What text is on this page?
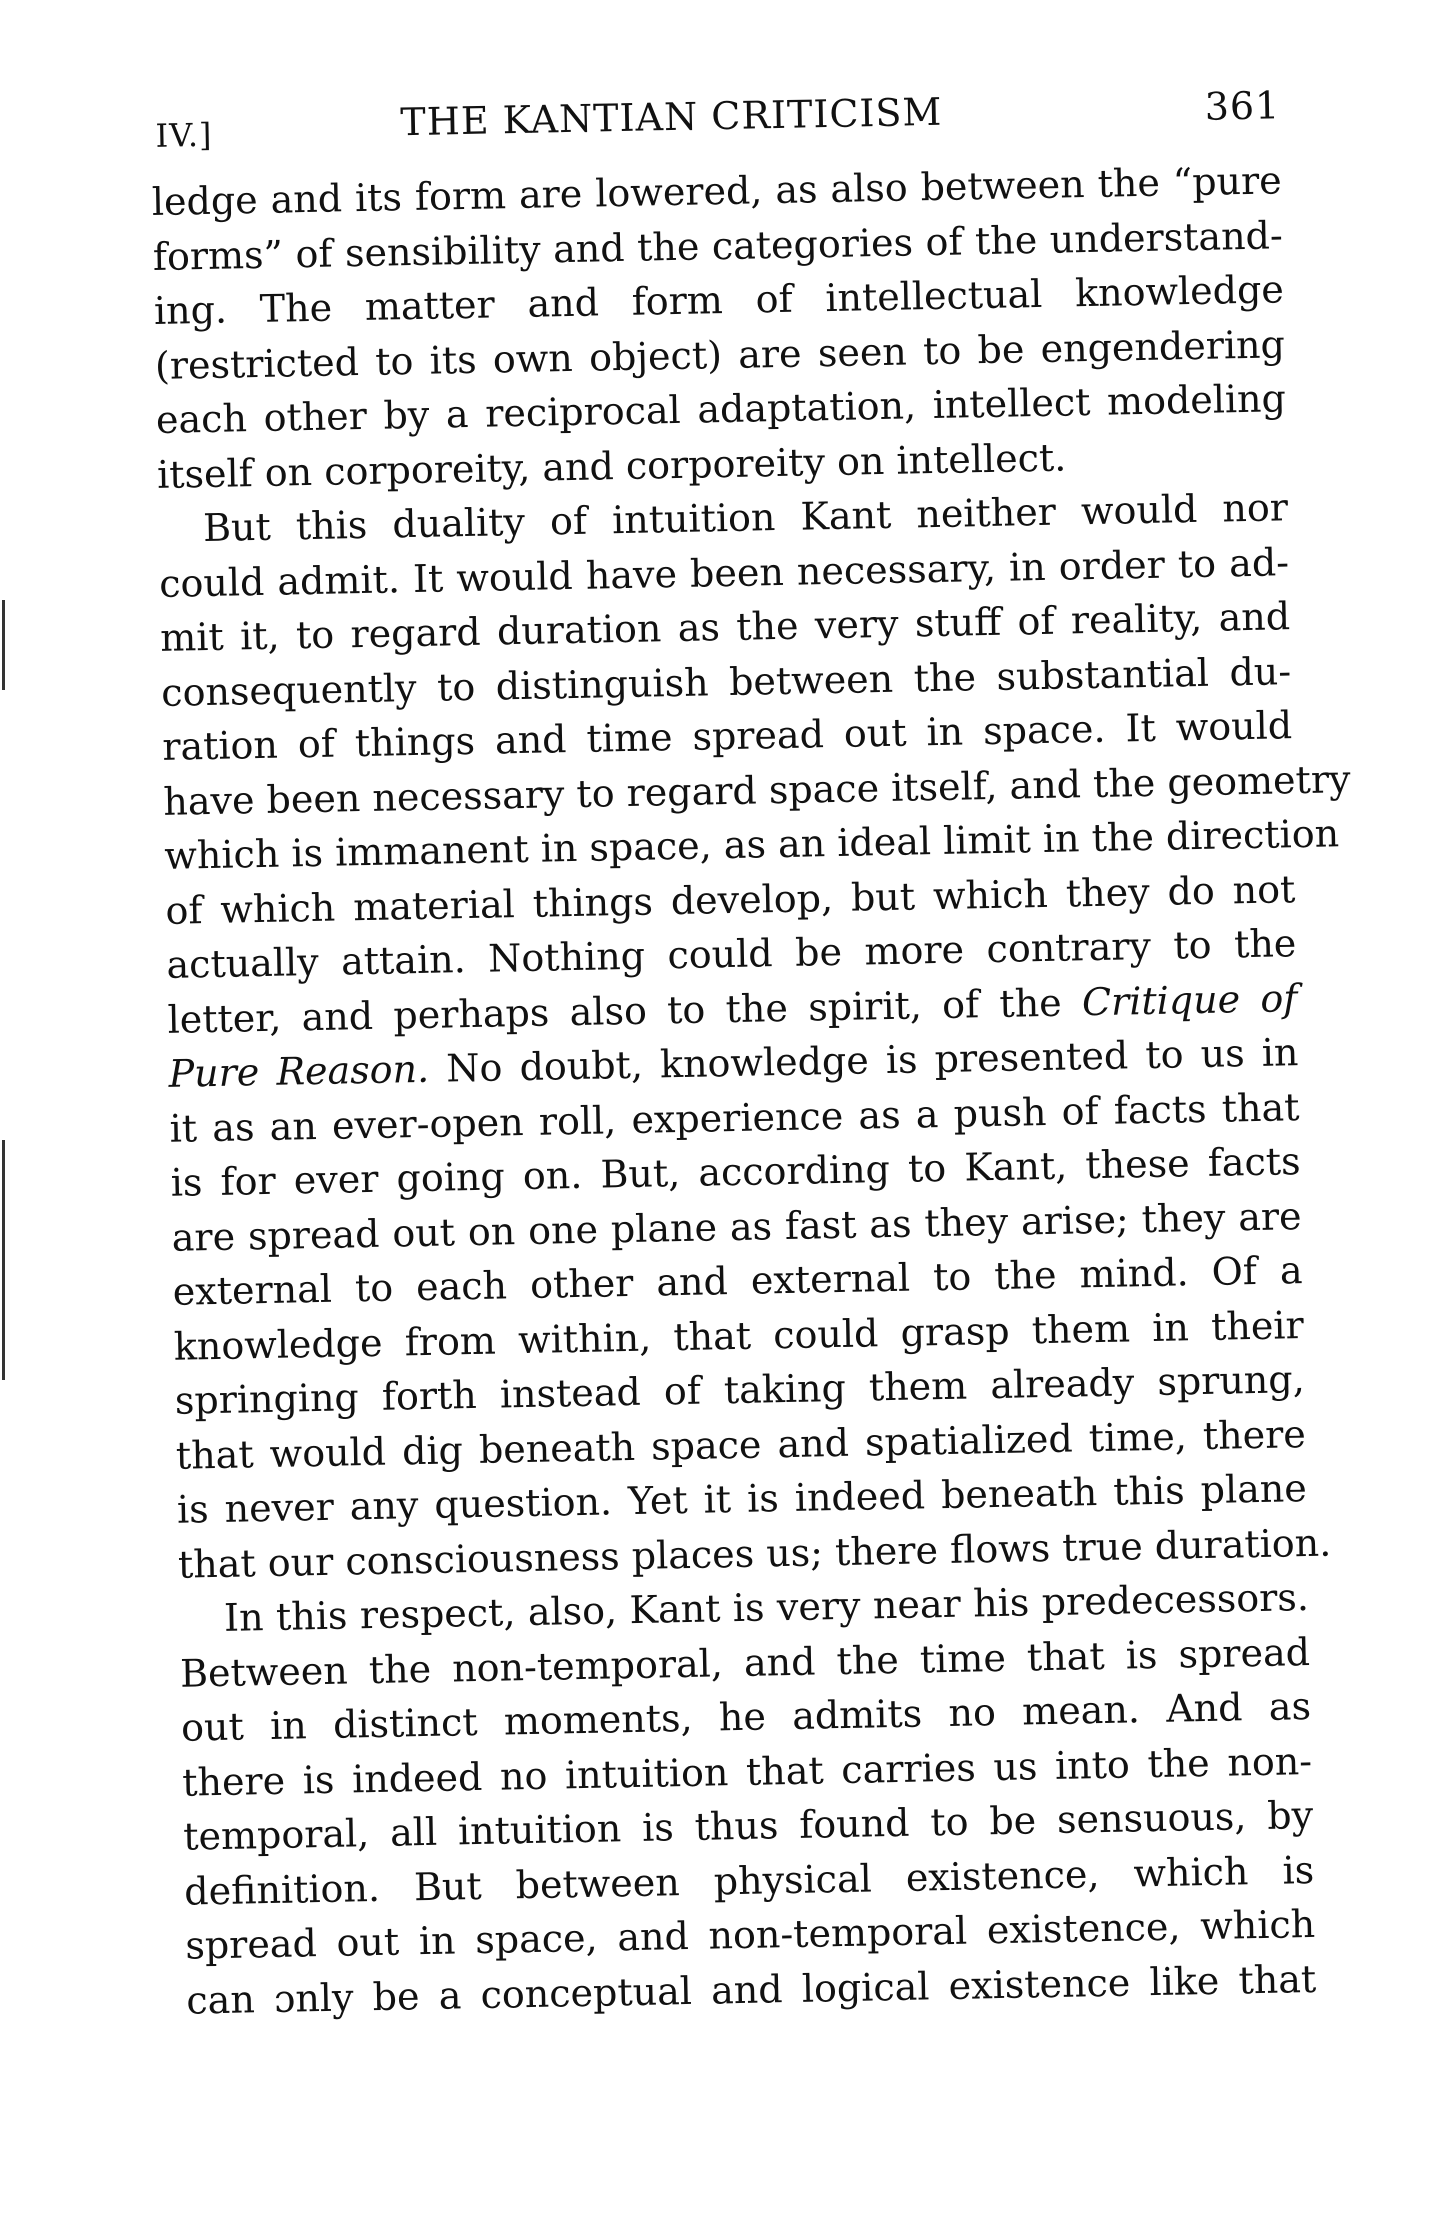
IV.]	THE KANTIAN CRITICISM	361
ledge and its form are lowered, as also between the “pure
forms” of sensibility and the categories of the understand-
ing. The matter and form of intellectual knowledge
(restricted to its own object) are seen to be engendering
each other by a reciprocal adaptation, intellect modeling
itself on corporeity, and corporeity on intellect.
But this duality of intuition Kant neither would nor
could admit. It would have been necessary, in order to ad-
mit it, to regard duration as the very stuff of reality, and
consequently to distinguish between the substantial du-
ration of things and time spread out in space. It would
have been necessary to regard space itself, and the geometry
which is immanent in space, as an ideal limit in the direction
of which material things develop, but which they do not
actually attain. Nothing could be more contrary to the
letter, and perhaps also to the spirit, of the Critique of
Pure Reason. No doubt, knowledge is presented to us in
it as an ever-open roll, experience as a push of facts that
is for ever going on. But, according to Kant, these facts
are spread out on one plane as fast as they arise; they are
external to each other and external to the mind. Of a
knowledge from within, that could grasp them in their
springing forth instead of taking them already sprung,
that would dig beneath space and spatialized time, there
is never any question. Yet it is indeed beneath this plane
that our consciousness places us; there flows true duration.
In this respect, also, Kant is very near his predecessors.
Between the non-temporal, and the time that is spread
out in distinct moments, he admits no mean. And as
there is indeed no intuition that carries us into the non-
temporal, all intuition is thus found to be sensuous, by
definition. But between physical existence, which is
spread out in space, and non-temporal existence, which
can ɔnly be a conceptual and logical existence like that
